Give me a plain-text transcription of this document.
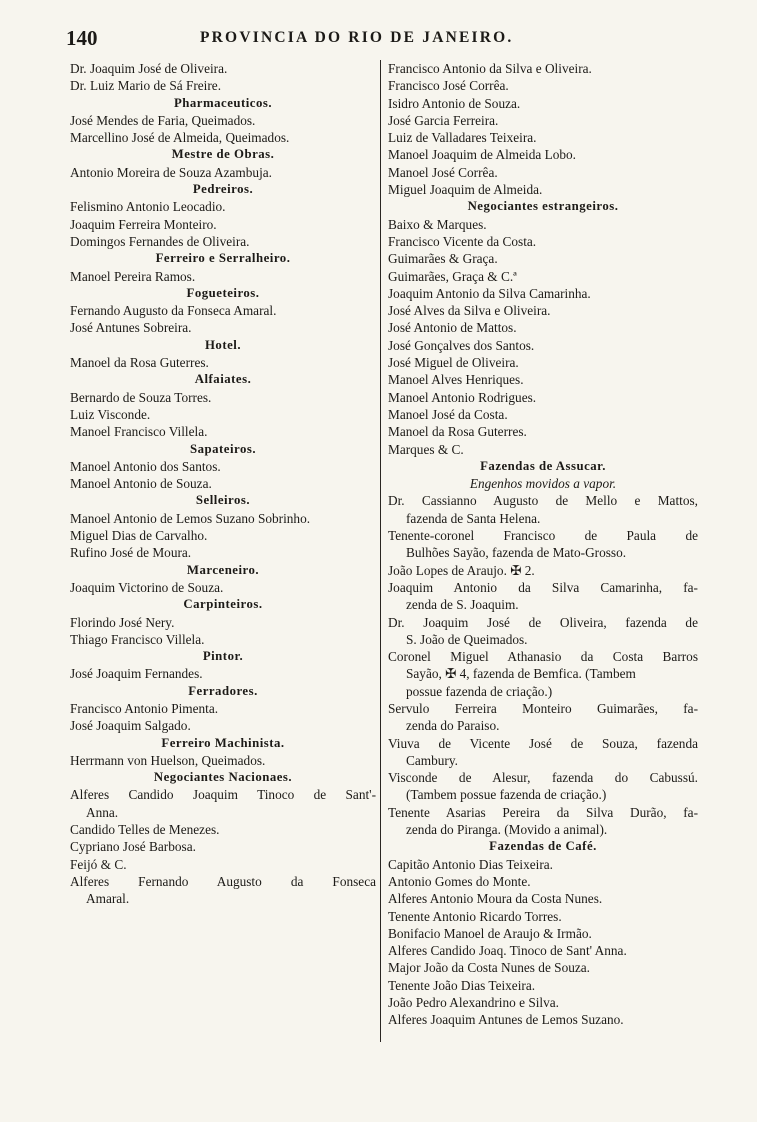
140	PROVINCIA DO RIO DE JANEIRO.
Dr. Joaquim José de Oliveira.
Dr. Luiz Mario de Sá Freire.
Pharmaceuticos.
José Mendes de Faria, Queimados.
Marcellino José de Almeida, Queimados.
Mestre de Obras.
Antonio Moreira de Souza Azambuja.
Pedreiros.
Felismino Antonio Leocadio.
Joaquim Ferreira Monteiro.
Domingos Fernandes de Oliveira.
Ferreiro e Serralheiro.
Manoel Pereira Ramos.
Fogueteiros.
Fernando Augusto da Fonseca Amaral.
José Antunes Sobreira.
Hotel.
Manoel da Rosa Guterres.
Alfaiates.
Bernardo de Souza Torres.
Luiz Visconde.
Manoel Francisco Villela.
Sapateiros.
Manoel Antonio dos Santos.
Manoel Antonio de Souza.
Selleiros.
Manoel Antonio de Lemos Suzano Sobrinho.
Miguel Dias de Carvalho.
Rufino José de Moura.
Marceneiro.
Joaquim Victorino de Souza.
Carpinteiros.
Florindo José Nery.
Thiago Francisco Villela.
Pintor.
José Joaquim Fernandes.
Ferradores.
Francisco Antonio Pimenta.
José Joaquim Salgado.
Ferreiro Machinista.
Herrmann von Huelson, Queimados.
Negociantes Nacionaes.
Alferes Candido Joaquim Tinoco de Sant'-
Anna.
Candido Telles de Menezes.
Cypriano José Barbosa.
Feijó & C.
Alferes Fernando Augusto da Fonseca
Amaral.
Francisco Antonio da Silva e Oliveira.
Francisco José Corrêa.
Isidro Antonio de Souza.
José Garcia Ferreira.
Luiz de Valladares Teixeira.
Manoel Joaquim de Almeida Lobo.
Manoel José Corrêa.
Miguel Joaquim de Almeida.
Negociantes estrangeiros.
Baixo & Marques.
Francisco Vicente da Costa.
Guimarães & Graça.
Guimarães, Graça & C.ª
Joaquim Antonio da Silva Camarinha.
José Alves da Silva e Oliveira.
José Antonio de Mattos.
José Gonçalves dos Santos.
José Miguel de Oliveira.
Manoel Alves Henriques.
Manoel Antonio Rodrigues.
Manoel José da Costa.
Manoel da Rosa Guterres.
Marques & C.
Fazendas de Assucar.
Engenhos movidos a vapor.
Dr. Cassianno Augusto de Mello e Mattos,
fazenda de Santa Helena.
Tenente-coronel Francisco de Paula de
Bulhões Sayão, fazenda de Mato-Grosso.
João Lopes de Araujo. ✠ 2.
Joaquim Antonio da Silva Camarinha, fa-
zenda de S. Joaquim.
Dr. Joaquim José de Oliveira, fazenda de
S. João de Queimados.
Coronel Miguel Athanasio da Costa Barros
Sayão, ✠ 4, fazenda de Bemfica. (Tambem
possue fazenda de criação.)
Servulo Ferreira Monteiro Guimarães, fa-
zenda do Paraiso.
Viuva de Vicente José de Souza, fazenda
Cambury.
Visconde de Alesur, fazenda do Cabussú.
(Tambem possue fazenda de criação.)
Tenente Asarias Pereira da Silva Durão, fa-
zenda do Piranga. (Movido a animal).
Fazendas de Café.
Capitão Antonio Dias Teixeira.
Antonio Gomes do Monte.
Alferes Antonio Moura da Costa Nunes.
Tenente Antonio Ricardo Torres.
Bonifacio Manoel de Araujo & Irmão.
Alferes Candido Joaq. Tinoco de Sant' Anna.
Major João da Costa Nunes de Souza.
Tenente João Dias Teixeira.
João Pedro Alexandrino e Silva.
Alferes Joaquim Antunes de Lemos Suzano.
